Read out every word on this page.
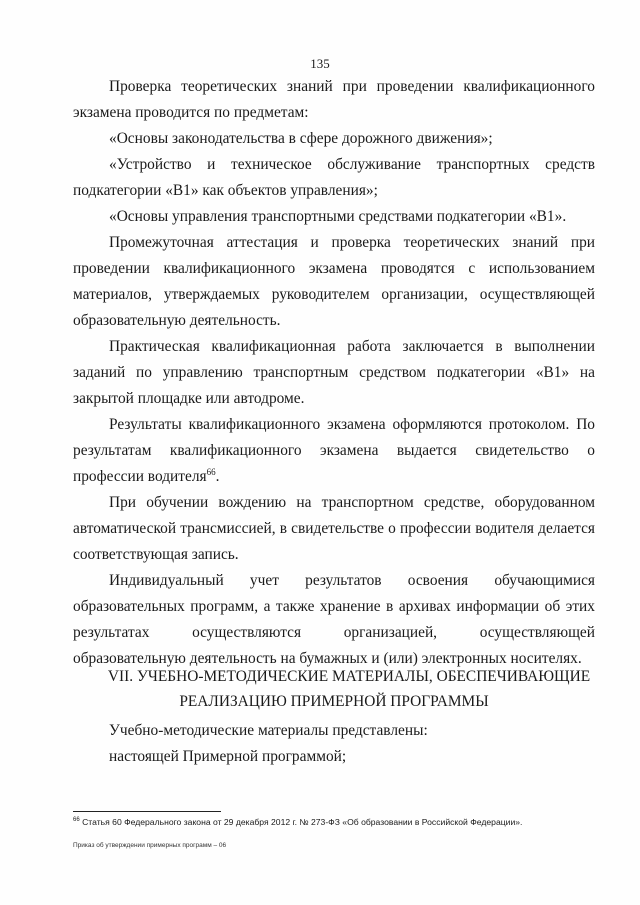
135

Проверка теоретических знаний при проведении квалификационного экзамена проводится по предметам:

«Основы законодательства в сфере дорожного движения»;

«Устройство и техническое обслуживание транспортных средств подкатегории «B1» как объектов управления»;

«Основы управления транспортными средствами подкатегории «B1».

Промежуточная аттестация и проверка теоретических знаний при проведении квалификационного экзамена проводятся с использованием материалов, утверждаемых руководителем организации, осуществляющей образовательную деятельность.

Практическая квалификационная работа заключается в выполнении заданий по управлению транспортным средством подкатегории «B1» на закрытой площадке или автодроме.

Результаты квалификационного экзамена оформляются протоколом. По результатам квалификационного экзамена выдается свидетельство о профессии водителя$^{66}$.

При обучении вождению на транспортном средстве, оборудованном автоматической трансмиссией, в свидетельстве о профессии водителя делается соответствующая запись.

Индивидуальный учет результатов освоения обучающимися образовательных программ, а также хранение в архивах информации об этих результатах осуществляются организацией, осуществляющей образовательную деятельность на бумажных и (или) электронных носителях.

VII. УЧЕБНО-МЕТОДИЧЕСКИЕ МАТЕРИАЛЫ, ОБЕСПЕЧИВАЮЩИЕ
РЕАЛИЗАЦИЮ ПРИМЕРНОЙ ПРОГРАММЫ

Учебно-методические материалы представлены:

настоящей Примерной программой;

$^{66}$ Статья 60 Федерального закона от 29 декабря 2012 г. № 273-ФЗ «Об образовании в Российской Федерации».
Приказ об утверждении примерных программ – 06
